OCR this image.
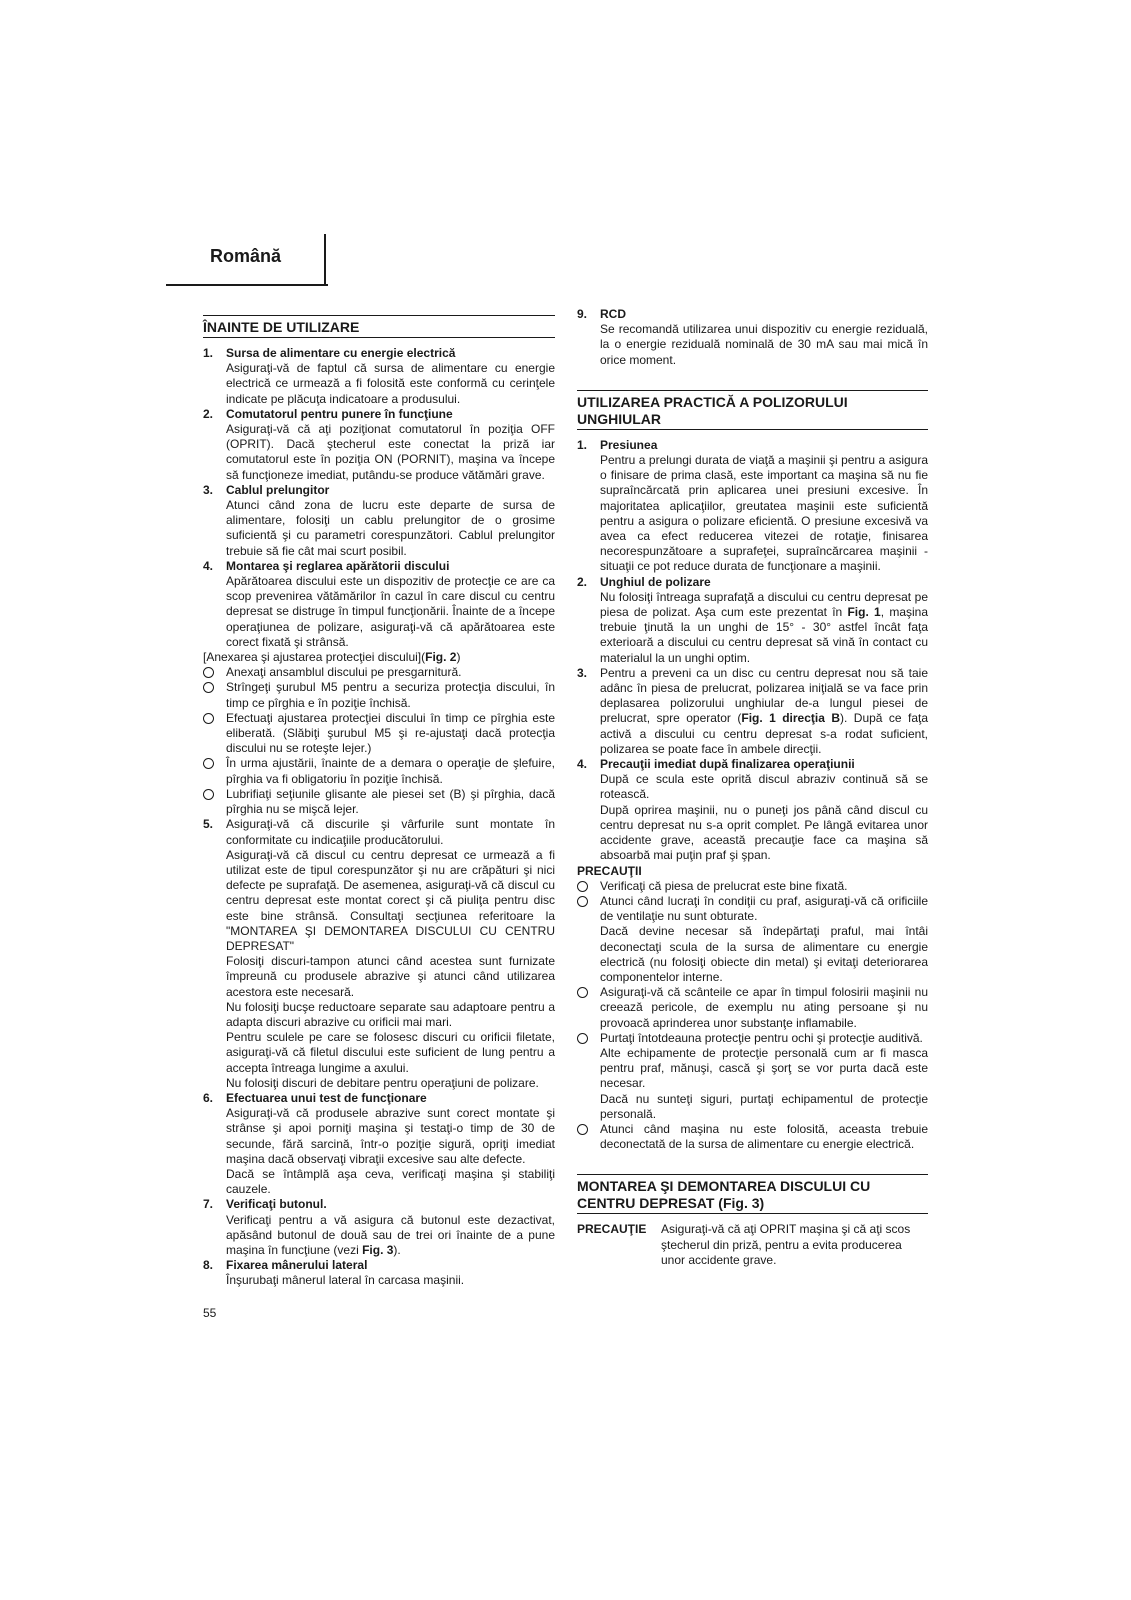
Română
ÎNAINTE DE UTILIZARE
1. Sursa de alimentare cu energie electrică
Asiguraţi-vă de faptul că sursa de alimentare cu energie electrică ce urmează a fi folosită este conformă cu cerinţele indicate pe plăcuţa indicatoare a produsului.
2. Comutatorul pentru punere în funcţiune
Asiguraţi-vă că aţi poziţionat comutatorul în poziţia OFF (OPRIT). Dacă ştecherul este conectat la priză iar comutatorul este în poziţia ON (PORNIT), maşina va începe să funcţioneze imediat, putându-se produce vătămări grave.
3. Cablul prelungitor
Atunci când zona de lucru este departe de sursa de alimentare, folosiţi un cablu prelungitor de o grosime suficientă şi cu parametri corespunzători. Cablul prelungitor trebuie să fie cât mai scurt posibil.
4. Montarea şi reglarea apărătorii discului
Apărătoarea discului este un dispozitiv de protecţie ce are ca scop prevenirea vătămărilor în cazul în care discul cu centru depresat se distruge în timpul funcţionării. Înainte de a începe operaţiunea de polizare, asiguraţi-vă că apărătoarea este corect fixată şi strânsă.
[Anexarea şi ajustarea protecţiei discului](Fig. 2)
Anexaţi ansamblul discului pe presgarnitură.
Strîngeţi şurubul M5 pentru a securiza protecţia discului, în timp ce pîrghia e în poziţie închisă.
Efectuaţi ajustarea protecţiei discului în timp ce pîrghia este eliberată. (Slăbiţi şurubul M5 şi re-ajustaţi dacă protecţia discului nu se roteşte lejer.)
În urma ajustării, înainte de a demara o operaţie de şlefuire, pîrghia va fi obligatoriu în poziţie închisă.
Lubrifiaţi seţiunile glisante ale piesei set (B) şi pîrghia, dacă pîrghia nu se mişcă lejer.
5. Asiguraţi-vă că discurile şi vârfurile sunt montate în conformitate cu indicaţiile producătorului.
Asiguraţi-vă că discul cu centru depresat ce urmează a fi utilizat este de tipul corespunzător şi nu are crăpături şi nici defecte pe suprafaţă. De asemenea, asiguraţi-vă că discul cu centru depresat este montat corect şi că piuliţa pentru disc este bine strânsă. Consultaţi secţiunea referitoare la "MONTAREA ŞI DEMONTAREA DISCULUI CU CENTRU DEPRESAT"
Folosiţi discuri-tampon atunci când acestea sunt furnizate împreună cu produsele abrazive şi atunci când utilizarea acestora este necesară.
Nu folosiţi bucşe reductoare separate sau adaptoare pentru a adapta discuri abrazive cu orificii mai mari.
Pentru sculele pe care se folosesc discuri cu orificii filetate, asiguraţi-vă că filetul discului este suficient de lung pentru a accepta întreaga lungime a axului.
Nu folosiţi discuri de debitare pentru operaţiuni de polizare.
6. Efectuarea unui test de funcţionare
Asiguraţi-vă că produsele abrazive sunt corect montate şi strânse şi apoi porniţi maşina şi testaţi-o timp de 30 de secunde, fără sarcină, într-o poziţie sigură, opriţi imediat maşina dacă observaţi vibraţii excesive sau alte defecte.
Dacă se întâmplă aşa ceva, verificaţi maşina şi stabiliţi cauzele.
7. Verificaţi butonul.
Verificaţi pentru a vă asigura că butonul este dezactivat, apăsând butonul de două sau de trei ori înainte de a pune maşina în funcţiune (vezi Fig. 3).
8. Fixarea mânerului lateral
Înşurubaţi mânerul lateral în carcasa maşinii.
55
9. RCD
Se recomandă utilizarea unui dispozitiv cu energie reziduală, la o energie reziduală nominală de 30 mA sau mai mică în orice moment.
UTILIZAREA PRACTICĂ A POLIZORULUI UNGHIULAR
1. Presiunea
Pentru a prelungi durata de viaţă a maşinii şi pentru a asigura o finisare de prima clasă, este important ca maşina să nu fie supraîncărcată prin aplicarea unei presiuni excesive. În majoritatea aplicaţiilor, greutatea maşinii este suficientă pentru a asigura o polizare eficientă. O presiune excesivă va avea ca efect reducerea vitezei de rotaţie, finisarea necorespunzătoare a suprafeţei, supraîncărcarea maşinii - situaţii ce pot reduce durata de funcţionare a maşinii.
2. Unghiul de polizare
Nu folosiţi întreaga suprafaţă a discului cu centru depresat pe piesa de polizat. Aşa cum este prezentat în Fig. 1, maşina trebuie ţinută la un unghi de 15° - 30° astfel încât faţa exterioară a discului cu centru depresat să vină în contact cu materialul la un unghi optim.
3. Pentru a preveni ca un disc cu centru depresat nou să taie adânc în piesa de prelucrat, polizarea iniţială se va face prin deplasarea polizorului unghiular de-a lungul piesei de prelucrat, spre operator (Fig. 1 direcţia B). După ce faţa activă a discului cu centru depresat s-a rodat suficient, polizarea se poate face în ambele direcţii.
4. Precauţii imediat după finalizarea operaţiunii
După ce scula este oprită discul abraziv continuă să se rotească.
După oprirea maşinii, nu o puneţi jos până când discul cu centru depresat nu s-a oprit complet. Pe lângă evitarea unor accidente grave, această precauţie face ca maşina să absoarbă mai puţin praf şi şpan.
PRECAUŢII
Verificaţi că piesa de prelucrat este bine fixată.
Atunci când lucraţi în condiţii cu praf, asiguraţi-vă că orificiile de ventilaţie nu sunt obturate.
Dacă devine necesar să îndepărtaţi praful, mai întâi deconectaţi scula de la sursa de alimentare cu energie electrică (nu folosiţi obiecte din metal) şi evitaţi deteriorarea componentelor interne.
Asiguraţi-vă că scânteile ce apar în timpul folosirii maşinii nu creează pericole, de exemplu nu ating persoane şi nu provoacă aprinderea unor substanţe inflamabile.
Purtaţi întotdeauna protecţie pentru ochi şi protecţie auditivă.
Alte echipamente de protecţie personală cum ar fi masca pentru praf, mănuşi, cască şi şorţ se vor purta dacă este necesar.
Dacă nu sunteţi siguri, purtaţi echipamentul de protecţie personală.
Atunci când maşina nu este folosită, aceasta trebuie deconectată de la sursa de alimentare cu energie electrică.
MONTAREA ŞI DEMONTAREA DISCULUI CU CENTRU DEPRESAT (Fig. 3)
PRECAUŢIE Asiguraţi-vă că aţi OPRIT maşina şi că aţi scos ştecherul din priză, pentru a evita producerea unor accidente grave.
